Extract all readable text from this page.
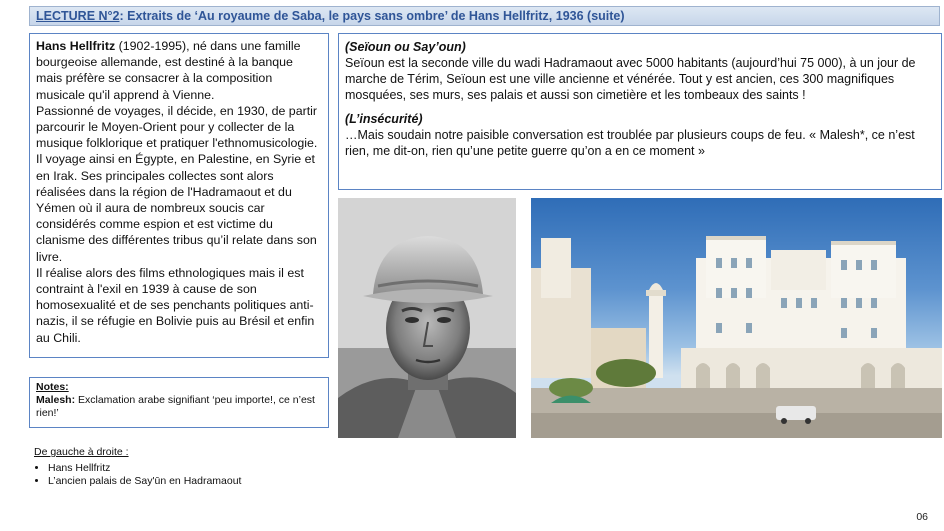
LECTURE N°2: Extraits de ‘Au royaume de Saba, le pays sans ombre’ de Hans Hellfritz, 1936 (suite)

Hans Hellfritz (1902-1995), né dans une famille bourgeoise allemande, est destiné à la banque mais préfère se consacrer à la composition musicale qu'il apprend à Vienne.

Passionné de voyages, il décide, en 1930, de partir parcourir le Moyen-Orient pour y collecter de la musique folklorique et pratiquer l'ethnomusicologie. Il voyage ainsi en Égypte, en Palestine, en Syrie et en Irak. Ses principales collectes sont alors réalisées dans la région de l'Hadramaout et du Yémen où il aura de nombreux soucis car considérés comme espion et est victime du clanisme des différentes tribus qu’il relate dans son livre.

Il réalise alors des films ethnologiques mais il est contraint à l'exil en 1939 à cause de son homosexualité et de ses penchants politiques anti-nazis, il se réfugie en Bolivie puis au Brésil et enfin au Chili.

(Seïoun ou Say’oun)

Seïoun est la seconde ville du wadi Hadramaout avec 5000 habitants (aujourd’hui 75 000), à un jour de marche de Térim, Seïoun est une ville ancienne et vénérée. Tout y est ancien, ces 300 magnifiques mosquées, ses murs, ses palais et aussi son cimetière et les tombeaux des saints !

(L’insécurité)

…Mais soudain notre paisible conversation est troublée par plusieurs coups de feu. « Malesh*, ce n’est rien, me dit-on, rien qu’une petite guerre qu’on a en ce moment »

Notes:

Malesh: Exclamation arabe signifiant ‘peu importe!, ce n’est rien!’

De gauche à droite :

• Hans Hellfritz
• L’ancien palais de Say'ūn en Hadramaout
06
